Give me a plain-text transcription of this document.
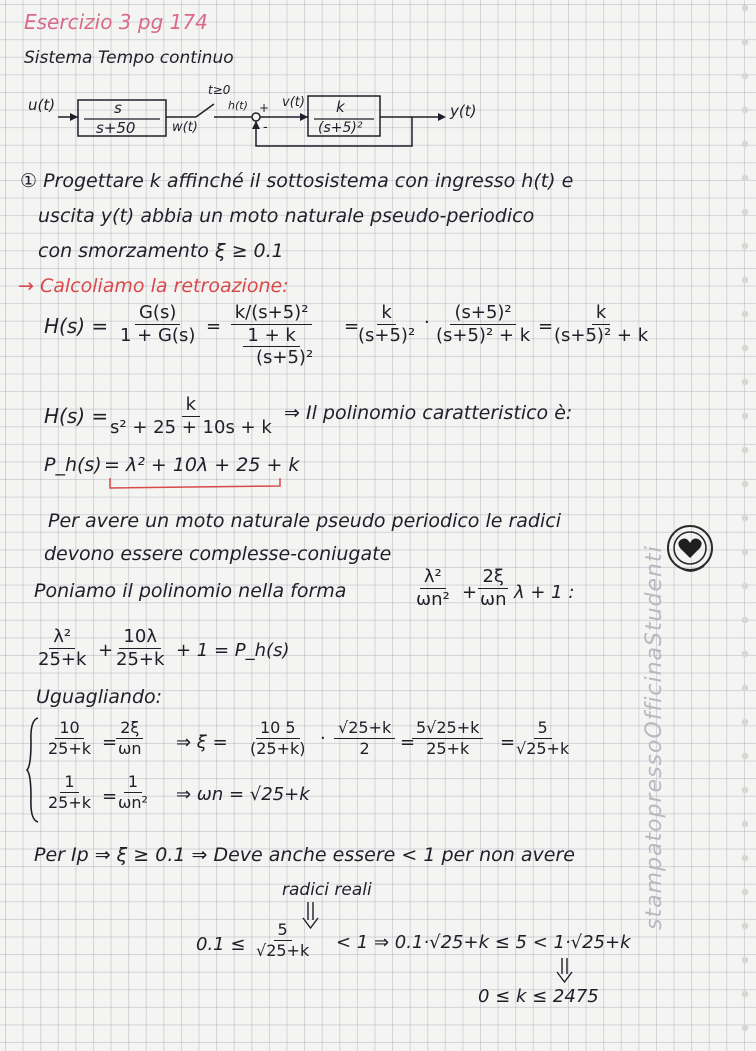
Esercizio 3 pg 174
Sistema Tempo continuo
u(t)	s
s+50	w(t)
t≥0
h(t) +
-
v(t) k
(s+5)²
y(t)
① Progettare k affinché il sottosistema con ingresso h(t) e
uscita y(t) abbia un moto naturale pseudo-periodico
con smorzamento ξ ≥ 0.1
→ Calcoliamo la retroazione:
$H(s) = \frac{G(s)}{1 + G(s)}$ =
k/(s+5)²
1 + k
(s+5)²
=
$\frac{k}{\text{(s+5)²}} \cdot \frac{\text{(s+5)²}}{\text{(s+5)² + k}}$ =
$\frac{k}{\text{(s+5)² + k}}$
H(s) =
$\frac{k}{\text{s² + 25 + 10s + k}}$ ⇒ Il polinomio caratteristico è:
P_h(s) = λ² + 10λ + 25 + k
Per avere un moto naturale pseudo periodico le radici
devono essere complesse-coniugate
Poniamo il polinomio nella forma	$\frac{\text{λ²}}{\text{ωn²}}$ +
$\frac{2\xi}{\omega n}$ λ + 1 :
$\frac{\text{λ²}}{25+k}$ +
$\frac{10\lambda}{25+k} + 1$ = P_h(s)
Uguagliando:
$\frac{10}{25+k}$ =
$\frac{2\xi}{\omega n}$ ⇒ $\xi = \frac{10 5}{(25+k)} \cdot \frac{√25+k}{2}$ =
$\frac{5√25+k}{25+k}$ =
$\frac{5}{√25+k}$
$\frac{1}{25+k}$ =
$\frac{1}{\text{ωn²}}$ ⇒ ωn = √25+k
Per Ip ⇒ ξ ≥ 0.1 ⇒ Deve anche essere < 1 per non avere
radici reali
$0.1 \le \frac{5}{√25+k} < 1$ ⇒ 0.1·√25+k ≤ 5 < 1·√25+k
0 ≤ k ≤ 2475
stampatopressoOfficinaStudenti
